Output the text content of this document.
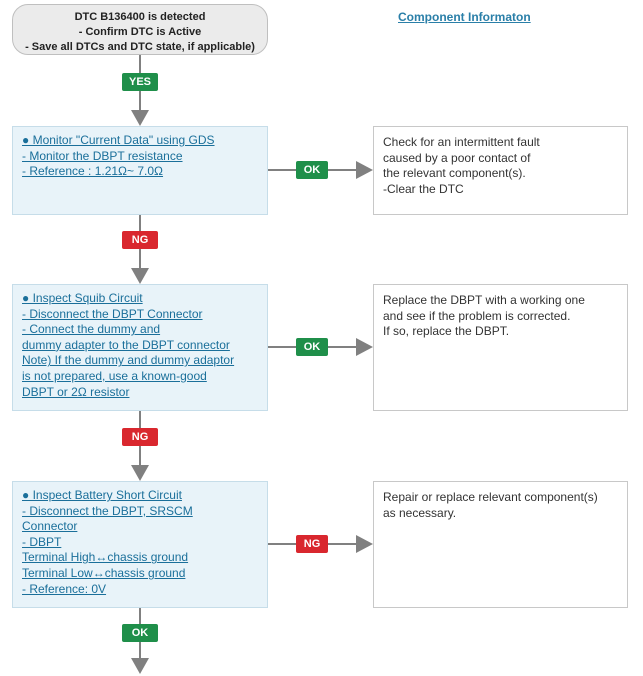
DTC B136400 is detected
- Confirm DTC is Active
- Save all DTCs and DTC state, if applicable)
Component Informaton
YES
OK
NG
OK
NG
NG
OK
● Monitor "Current Data" using GDS
- Monitor the DBPT resistance
- Reference : 1.21Ω~ 7.0Ω
● Inspect Squib Circuit
- Disconnect the DBPT Connector
- Connect the dummy and
dummy adapter to the DBPT connector
Note) If the dummy and dummy adaptor
is not prepared, use a known-good
DBPT or 2Ω resistor
● Inspect Battery Short Circuit
- Disconnect the DBPT, SRSCM
Connector
- DBPT
Terminal High↔chassis ground
Terminal Low↔chassis ground
- Reference: 0V
Check for an intermittent fault
caused by a poor contact of
the relevant component(s).
-Clear the DTC
Replace the DBPT with a working one
and see if the problem is corrected.
If so, replace the DBPT.
Repair or replace relevant component(s)
as necessary.
